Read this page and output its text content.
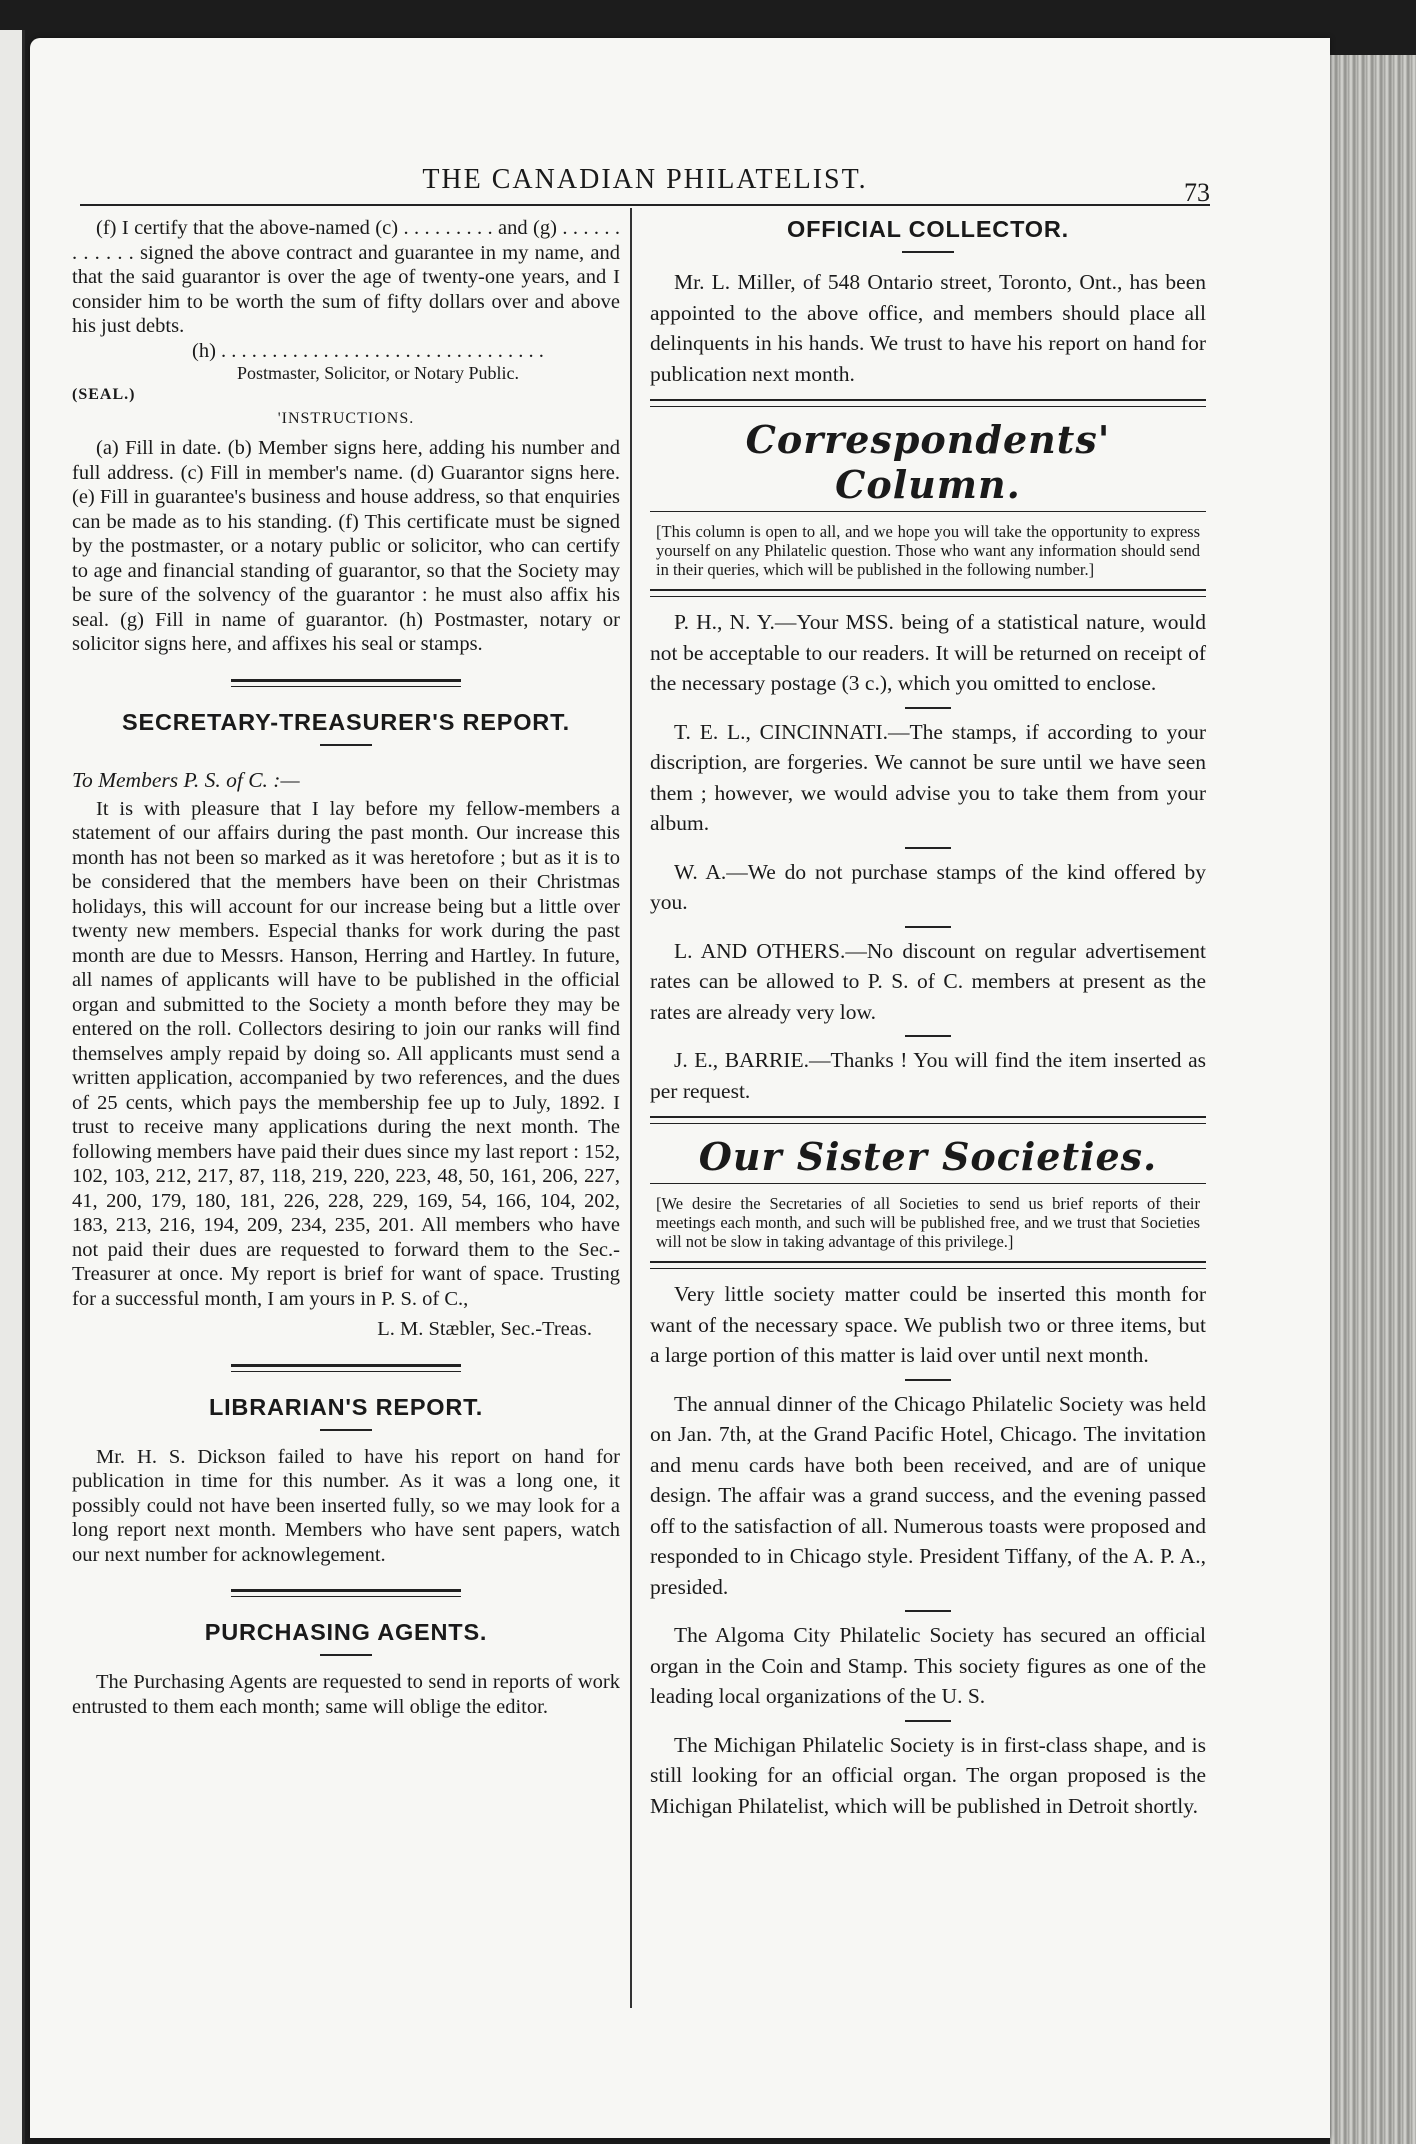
THE CANADIAN PHILATELIST.	73

(f) I certify that the above-named (c) . . . . . . . . . and (g) . . . . . . . . . . . . signed the above contract and guarantee in my name, and that the said guarantor is over the age of twenty-one years, and I consider him to be worth the sum of fifty dollars over and above his just debts.

(h) . . . . . . . . . . . . . . . . . . . . . . . . . . . . . . . .

Postmaster, Solicitor, or Notary Public.

(SEAL.)

'INSTRUCTIONS.

(a) Fill in date. (b) Member signs here, adding his number and full address. (c) Fill in member's name. (d) Guarantor signs here. (e) Fill in guarantee's business and house address, so that enquiries can be made as to his standing. (f) This certificate must be signed by the postmaster, or a notary public or solicitor, who can certify to age and financial standing of guarantor, so that the Society may be sure of the solvency of the guarantor : he must also affix his seal. (g) Fill in name of guarantor. (h) Postmaster, notary or solicitor signs here, and affixes his seal or stamps.

SECRETARY-TREASURER'S REPORT.

To Members P. S. of C. :—

It is with pleasure that I lay before my fellow-members a statement of our affairs during the past month. Our increase this month has not been so marked as it was heretofore ; but as it is to be considered that the members have been on their Christmas holidays, this will account for our increase being but a little over twenty new members. Especial thanks for work during the past month are due to Messrs. Hanson, Herring and Hartley. In future, all names of applicants will have to be published in the official organ and submitted to the Society a month before they may be entered on the roll. Collectors desiring to join our ranks will find themselves amply repaid by doing so. All applicants must send a written application, accompanied by two references, and the dues of 25 cents, which pays the membership fee up to July, 1892. I trust to receive many applications during the next month. The following members have paid their dues since my last report : 152, 102, 103, 212, 217, 87, 118, 219, 220, 223, 48, 50, 161, 206, 227, 41, 200, 179, 180, 181, 226, 228, 229, 169, 54, 166, 104, 202, 183, 213, 216, 194, 209, 234, 235, 201. All members who have not paid their dues are requested to forward them to the Sec.-Treasurer at once. My report is brief for want of space. Trusting for a successful month, I am yours in P. S. of C.,

L. M. Stæbler, Sec.-Treas.

LIBRARIAN'S REPORT.

Mr. H. S. Dickson failed to have his report on hand for publication in time for this number. As it was a long one, it possibly could not have been inserted fully, so we may look for a long report next month. Members who have sent papers, watch our next number for acknowlegement.

PURCHASING AGENTS.

The Purchasing Agents are requested to send in reports of work entrusted to them each month; same will oblige the editor.

OFFICIAL COLLECTOR.

Mr. L. Miller, of 548 Ontario street, Toronto, Ont., has been appointed to the above office, and members should place all delinquents in his hands. We trust to have his report on hand for publication next month.

Correspondents' Column.

[This column is open to all, and we hope you will take the opportunity to express yourself on any Philatelic question. Those who want any information should send in their queries, which will be published in the following number.]

P. H., N. Y.—Your MSS. being of a statistical nature, would not be acceptable to our readers. It will be returned on receipt of the necessary postage (3 c.), which you omitted to enclose.

T. E. L., CINCINNATI.—The stamps, if according to your discription, are forgeries. We cannot be sure until we have seen them ; however, we would advise you to take them from your album.

W. A.—We do not purchase stamps of the kind offered by you.

L. AND OTHERS.—No discount on regular advertisement rates can be allowed to P. S. of C. members at present as the rates are already very low.

J. E., BARRIE.—Thanks ! You will find the item inserted as per request.

Our Sister Societies.

[We desire the Secretaries of all Societies to send us brief reports of their meetings each month, and such will be published free, and we trust that Societies will not be slow in taking advantage of this privilege.]

Very little society matter could be inserted this month for want of the necessary space. We publish two or three items, but a large portion of this matter is laid over until next month.

The annual dinner of the Chicago Philatelic Society was held on Jan. 7th, at the Grand Pacific Hotel, Chicago. The invitation and menu cards have both been received, and are of unique design. The affair was a grand success, and the evening passed off to the satisfaction of all. Numerous toasts were proposed and responded to in Chicago style. President Tiffany, of the A. P. A., presided.

The Algoma City Philatelic Society has secured an official organ in the Coin and Stamp. This society figures as one of the leading local organizations of the U. S.

The Michigan Philatelic Society is in first-class shape, and is still looking for an official organ. The organ proposed is the Michigan Philatelist, which will be published in Detroit shortly.
